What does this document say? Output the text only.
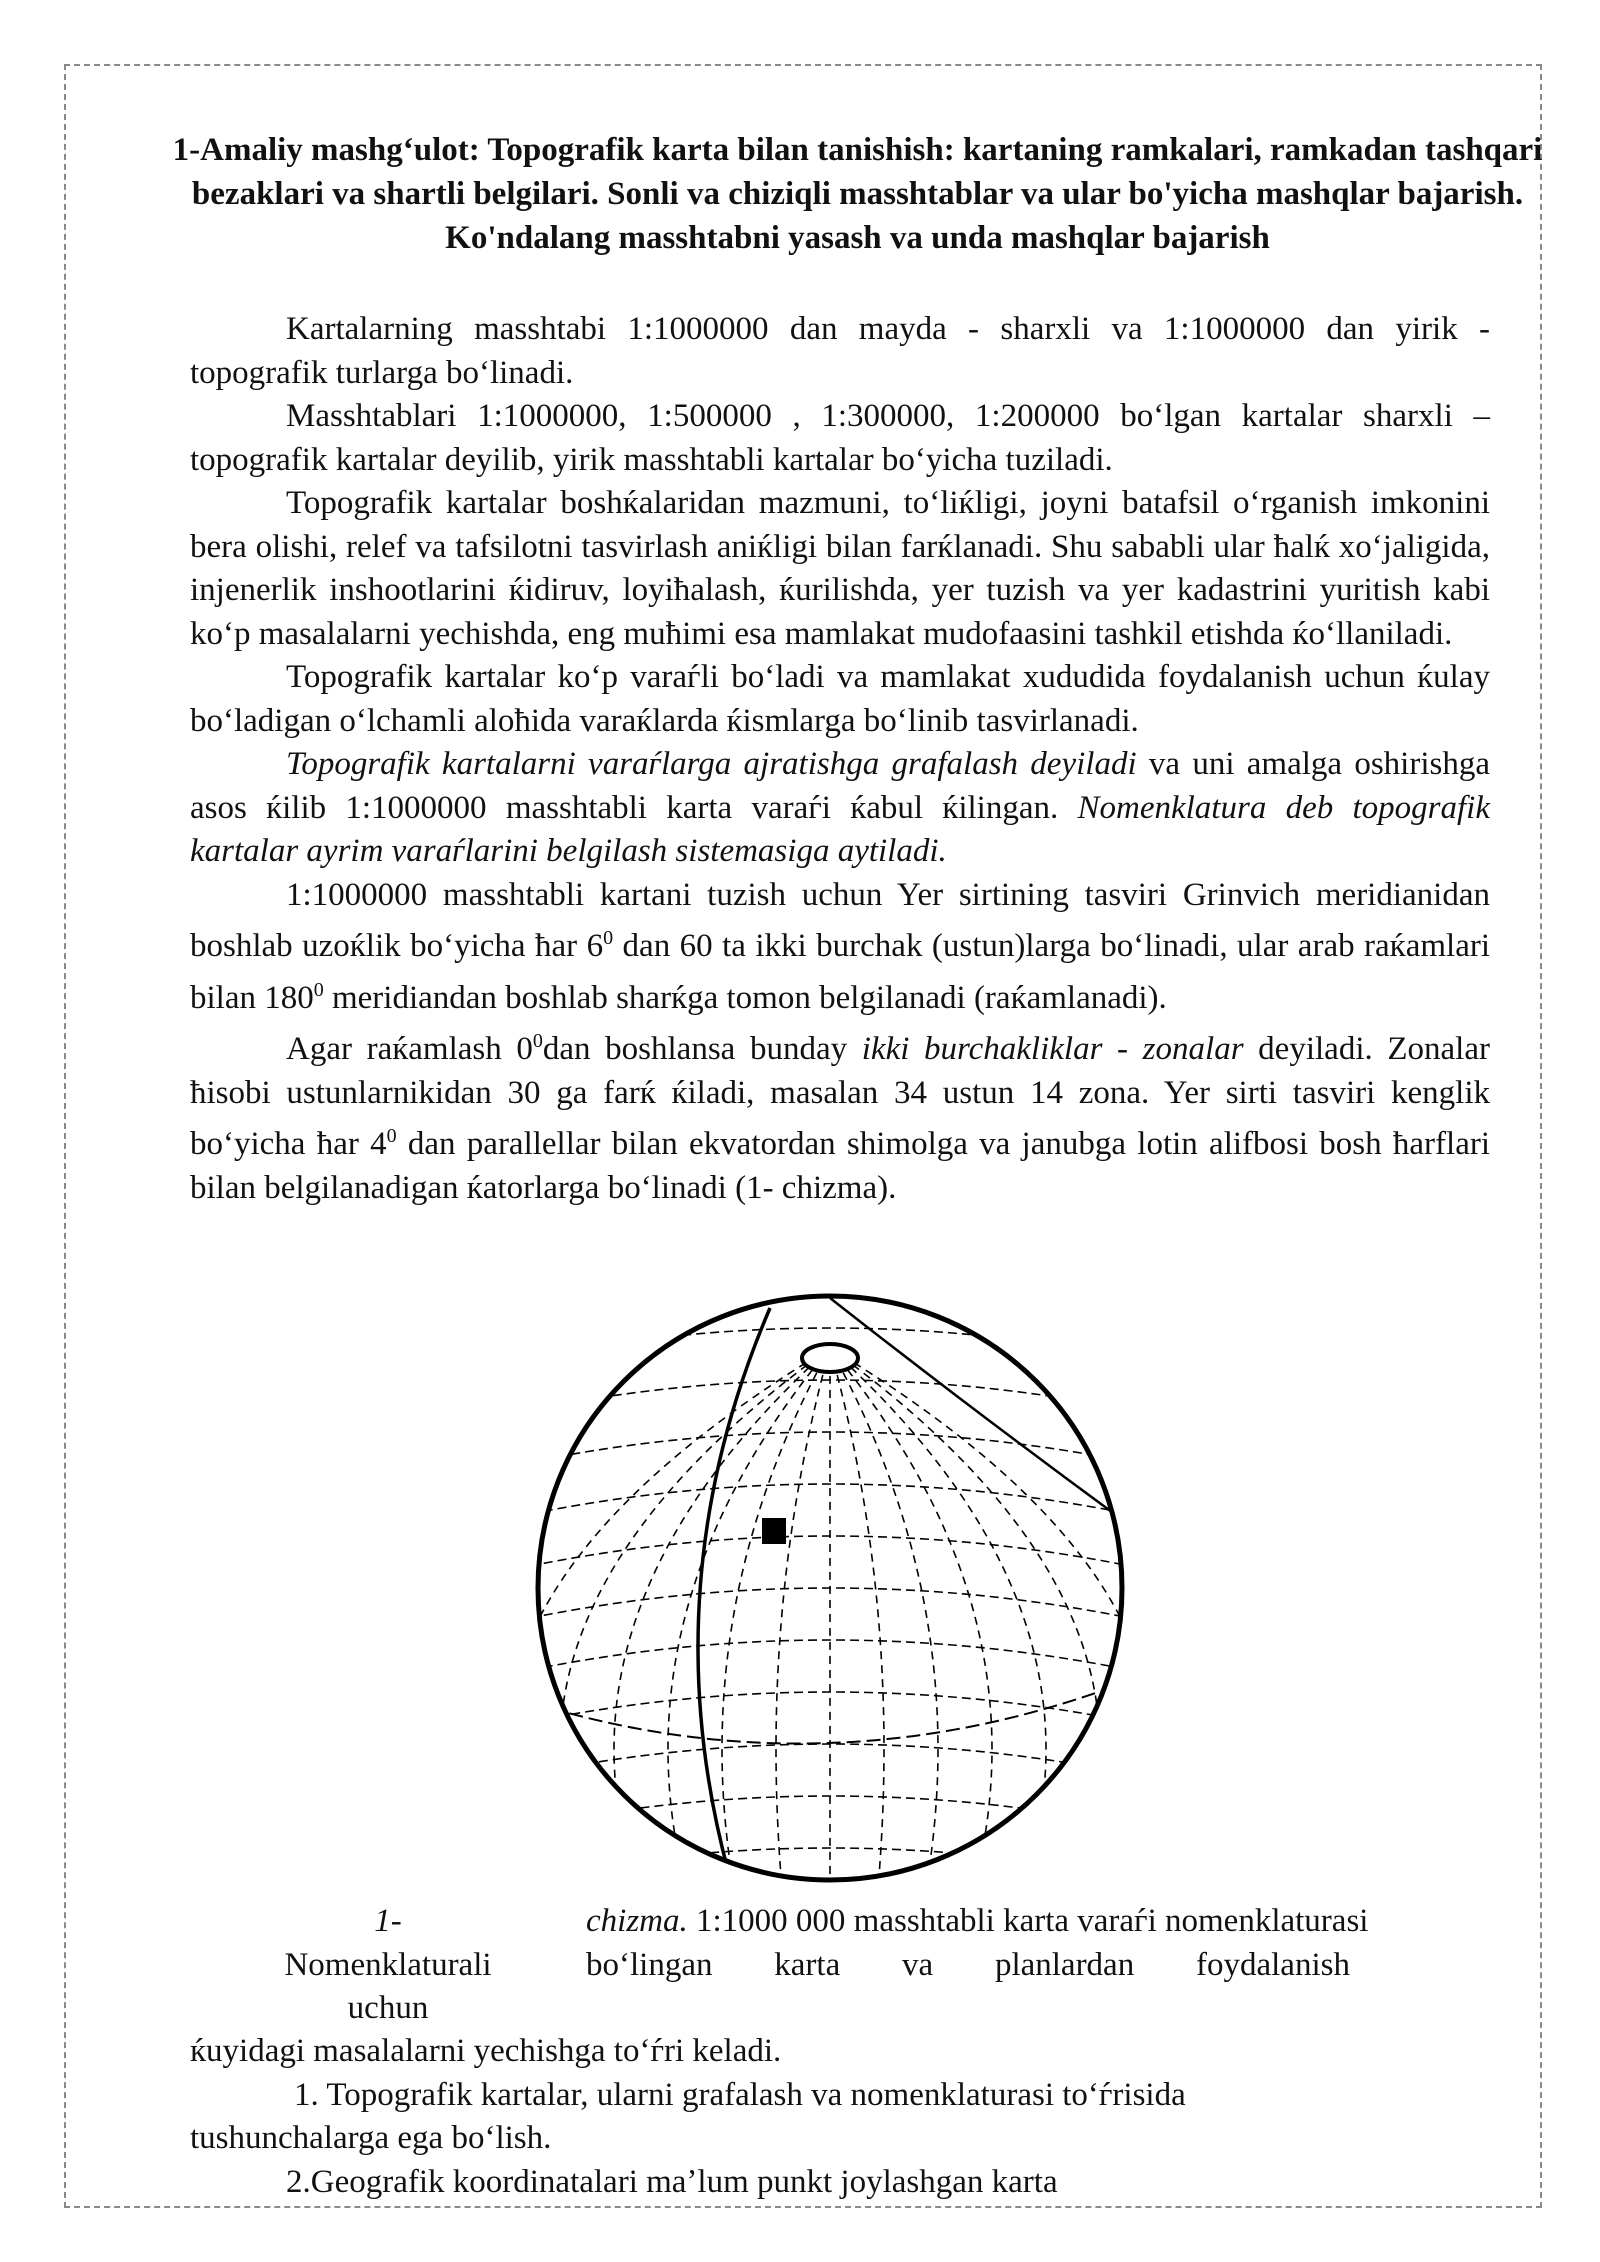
1-Amaliy mashgʻulot: Topografik karta bilan tanishish: kartaning ramkalari, ramkadan tashqari bezaklari va shartli belgilari. Sonli va chiziqli masshtablar va ular bo'yicha mashqlar bajarish. Ko'ndalang masshtabni yasash va unda mashqlar bajarish

Kartalarning masshtabi 1:1000000 dan mayda - sharxli va 1:1000000 dan yirik - topografik turlarga boʻlinadi.

Masshtablari 1:1000000, 1:500000 , 1:300000, 1:200000 boʻlgan kartalar sharxli – topografik kartalar deyilib, yirik masshtabli kartalar boʻyicha tuziladi.

Topografik kartalar boshќalaridan mazmuni, toʻliќligi, joyni batafsil oʻrganish imkonini bera olishi, relef va tafsilotni tasvirlash aniќligi bilan farќlanadi. Shu sababli ular ћalќ xoʻjaligida, injenerlik inshootlarini ќidiruv, loyiћalash, ќurilishda, yer tuzish va yer kadastrini yuritish kabi koʻp masalalarni yechishda, eng muћimi esa mamlakat mudofaasini tashkil etishda ќoʻllaniladi.

Topografik kartalar koʻp varaѓli boʻladi va mamlakat xududida foydalanish uchun ќulay boʻladigan oʻlchamli aloћida varaќlarda ќismlarga boʻlinib tasvirlanadi.

Topografik kartalarni varaѓlarga ajratishga grafalash deyiladi va uni amalga oshirishga asos ќilib 1:1000000 masshtabli karta varaѓi ќabul ќilingan. Nomenklatura deb topografik kartalar ayrim varaѓlarini belgilash sistemasiga aytiladi.

1:1000000 masshtabli kartani tuzish uchun Yer sirtining tasviri Grinvich meridianidan boshlab uzoќlik boʻyicha ћar $6^0$ dan 60 ta ikki burchak (ustun)larga boʻlinadi, ular arab raќamlari bilan $180^0$ meridiandan boshlab sharќga tomon belgilanadi (raќamlanadi).

Agar raќamlash $0^0dan$ boshlansa bunday ikki burchakliklar - zonalar deyiladi. Zonalar ћisobi ustunlarnikidan 30 ga farќ ќiladi, masalan 34 ustun 14 zona. Yer sirti tasviri kenglik boʻyicha ћar $4^0$ dan parallellar bilan ekvatordan shimolga va janubga lotin alifbosi bosh ћarflari bilan belgilanadigan ќatorlarga boʻlinadi (1- chizma).

1-	chizma. 1:1000 000 masshtabli karta varaѓi nomenklaturasi
Nomenklaturali	boʻlingan karta va planlardan foydalanish
uchun

ќuyidagi masalalarni yechishga toʻѓri keladi.

1. Topografik kartalar, ularni grafalash va nomenklaturasi toʻѓrisida

tushunchalarga ega boʻlish.

2.Geografik koordinatalari maʼlum punkt joylashgan karta
